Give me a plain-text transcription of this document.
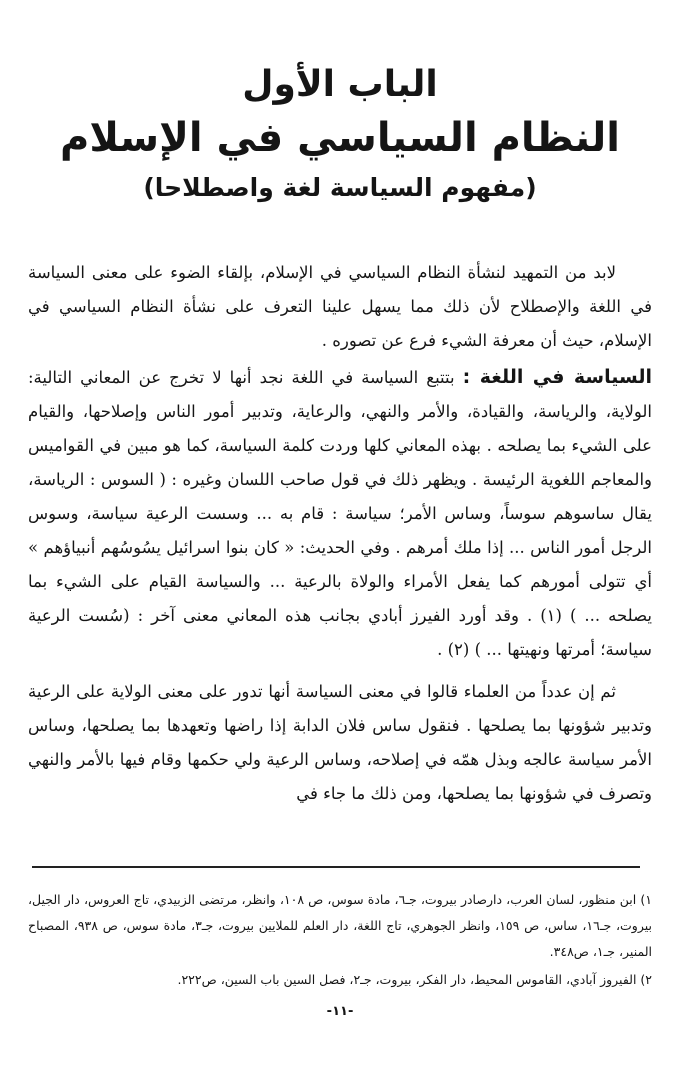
الباب الأول
النظام السياسي في الإسلام
(مفهوم السياسة لغة واصطلاحا)

لابد من التمهيد لنشأة النظام السياسي في الإسلام، بإلقاء الضوء على معنى السياسة في اللغة والإصطلاح لأن ذلك مما يسهل علينا التعرف على نشأة النظام السياسي في الإسلام، حيث أن معرفة الشيء فرع عن تصوره .

السياسة في اللغة : بتتبع السياسة في اللغة نجد أنها لا تخرج عن المعاني التالية: الولاية، والرياسة، والقيادة، والأمر والنهي، والرعاية، وتدبير أمور الناس وإصلاحها، والقيام على الشيء بما يصلحه . بهذه المعاني كلها وردت كلمة السياسة، كما هو مبين في القواميس والمعاجم اللغوية الرئيسة . ويظهر ذلك في قول صاحب اللسان وغيره : ( السوس : الرياسة، يقال ساسوهم سوساً، وساس الأمر؛ سياسة : قام به ... وسست الرعية سياسة، وسوس الرجل أمور الناس ... إذا ملك أمرهم . وفي الحديث: « كان بنوا اسرائيل يسُوسُهم أنبياؤهم » أي تتولى أمورهم كما يفعل الأمراء والولاة بالرعية ... والسياسة القيام على الشيء بما يصلحه ... ) (١) . وقد أورد الفيرز أبادي بجانب هذه المعاني معنى آخر : (سُست الرعية سياسة؛ أمرتها ونهيتها ... ) (٢) .

ثم إن عدداً من العلماء قالوا في معنى السياسة أنها تدور على معنى الولاية على الرعية وتدبير شؤونها بما يصلحها . فنقول ساس فلان الدابة إذا راضها وتعهدها بما يصلحها، وساس الأمر سياسة عالجه وبذل همّه في إصلاحه، وساس الرعية ولي حكمها وقام فيها بالأمر والنهي وتصرف في شؤونها بما يصلحها، ومن ذلك ما جاء في

١) ابن منظور، لسان العرب، دارصادر بيروت، جـ٦، مادة سوس، ص ١٠٨، وانظر، مرتضى الزبيدي، تاج العروس، دار الجيل، بيروت، جـ١٦، ساس، ص ١٥٩، وانظر الجوهري، تاج اللغة، دار العلم للملايين بيروت، جـ٣، مادة سوس، ص ٩٣٨، المصباح المنير، جـ١، ص٣٤٨.

٢) الفيروز آبادي، القاموس المحيط، دار الفكر، بيروت، جـ٢، فصل السين باب السين، ص٢٢٢.

-١١-
